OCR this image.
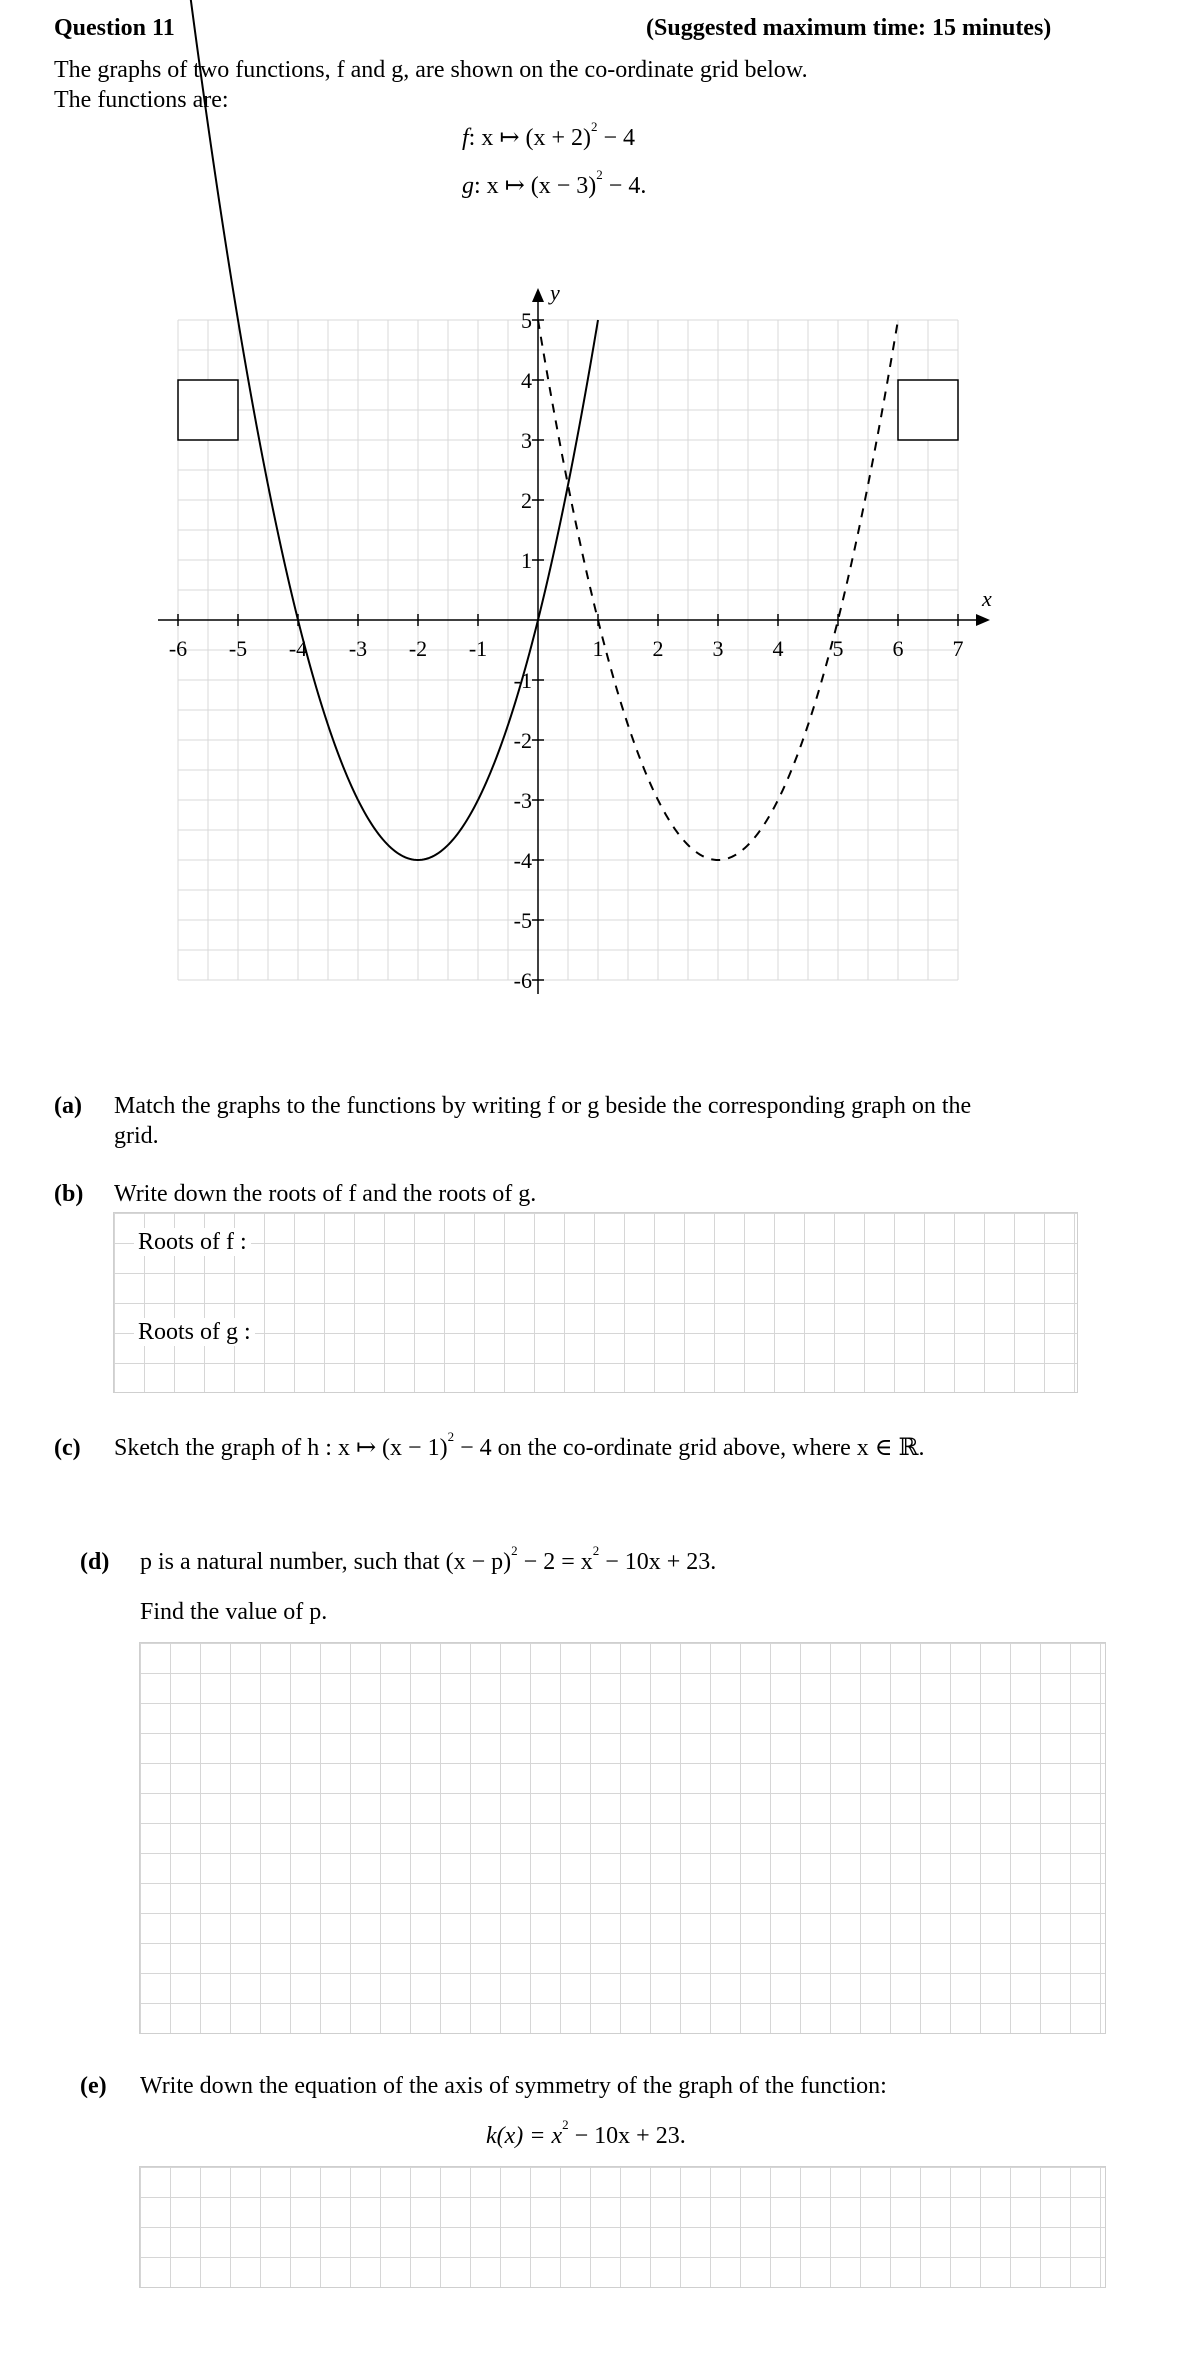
Question 11	(Suggested maximum time: 15 minutes)
The graphs of two functions, f and g, are shown on the co-ordinate grid below.
The functions are:
f: x ↦ $(x + 2)^2 - 4$
g: x ↦ $(x - 3)^2 - 4$.
x
y
-6 -5 -4 -3 -2 -1	1 2 3 4 5 6 7
5
4
3
2
1
-1
-2
-3
-4
-5
-6
(a) Match the graphs to the functions by writing f or g beside the corresponding graph on the
grid.
(b) Write down the roots of f and the roots of g.
Roots of f :
Roots of g :
(c) Sketch the graph of h : x ↦ $(x - 1)^2 - 4$ on the co-ordinate grid above, where x ∈ ℝ.
(d) p is a natural number, such that $(x - p)^2 - 2 = x^2 - 10x + 23$.
Find the value of p.
(e) Write down the equation of the axis of symmetry of the graph of the function:
$k(x) = x^2 - 10x + 23$.
